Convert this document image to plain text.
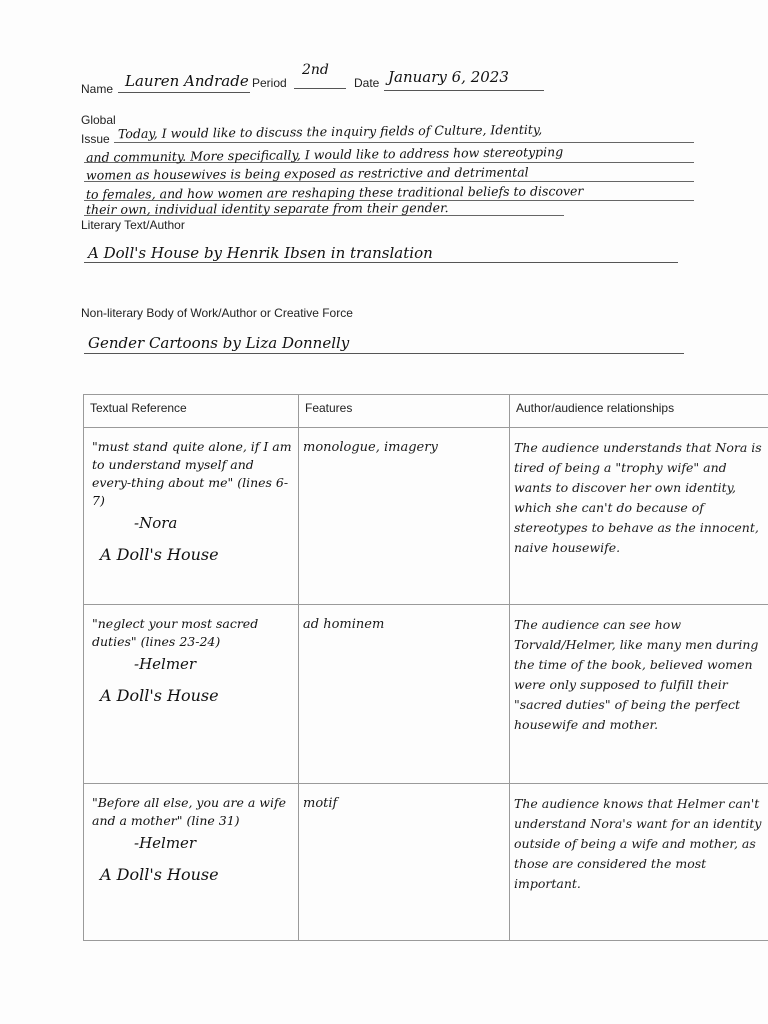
Name Lauren Andrade Period
2nd
Date January 6, 2023
Global
Issue Today, I would like to discuss the inquiry fields of Culture, Identity,
and community. More specifically, I would like to address how stereotyping
women as housewives is being exposed as restrictive and detrimental
to females, and how women are reshaping these traditional beliefs to discover
their own, individual identity separate from their gender.
Literary Text/Author
A Doll's House by Henrik Ibsen in translation
Non-literary Body of Work/Author or Creative Force
Gender Cartoons by Liza Donnelly
Textual Reference	Features	Author/audience relationships

"must stand quite alone, if I am to understand myself and every-thing about me" (lines 6-7)
-Nora
A Doll's House	monologue, imagery	The audience understands that Nora is tired of being a "trophy wife" and wants to discover her own identity, which she can't do because of stereotypes to behave as the innocent, naive housewife.

"neglect your most sacred duties" (lines 23-24)
-Helmer
A Doll's House	ad hominem	The audience can see how Torvald/Helmer, like many men during the time of the book, believed women were only supposed to fulfill their "sacred duties" of being the perfect housewife and mother.

"Before all else, you are a wife and a mother" (line 31)
-Helmer
A Doll's House	motif	The audience knows that Helmer can't understand Nora's want for an identity outside of being a wife and mother, as those are considered the most important.
